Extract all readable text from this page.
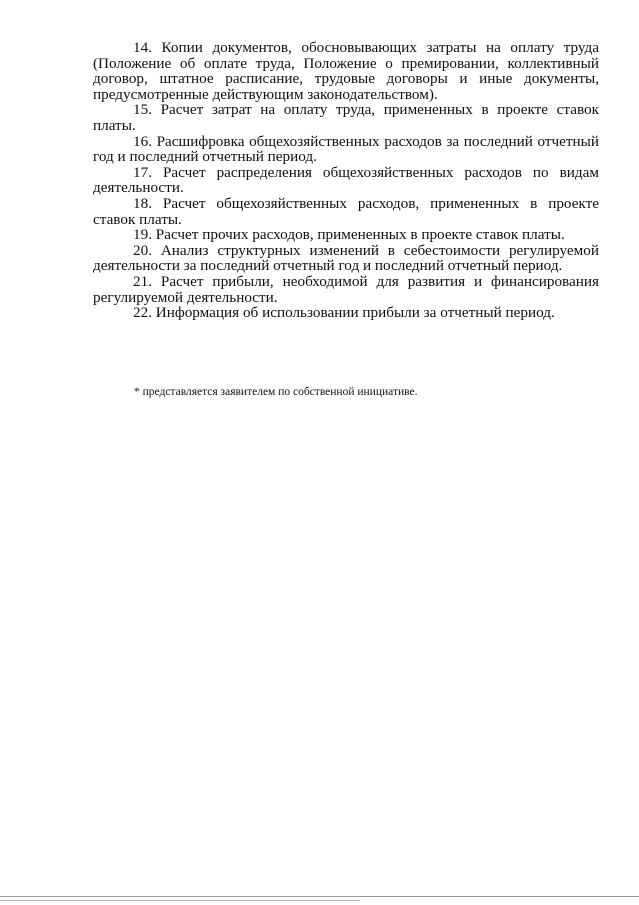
14. Копии документов, обосновывающих затраты на оплату труда (Положение об оплате труда, Положение о премировании, коллективный договор, штатное расписание, трудовые договоры и иные документы, предусмотренные действующим законодательством).

15. Расчет затрат на оплату труда, примененных в проекте ставок платы.

16. Расшифровка общехозяйственных расходов за последний отчетный год и последний отчетный период.

17. Расчет распределения общехозяйственных расходов по видам деятельности.

18. Расчет общехозяйственных расходов, примененных в проекте ставок платы.

19. Расчет прочих расходов, примененных в проекте ставок платы.

20. Анализ структурных изменений в себестоимости регулируемой деятельности за последний отчетный год и последний отчетный период.

21. Расчет прибыли, необходимой для развития и финансирования регулируемой деятельности.

22. Информация об использовании прибыли за отчетный период.

* представляется заявителем по собственной инициативе.
